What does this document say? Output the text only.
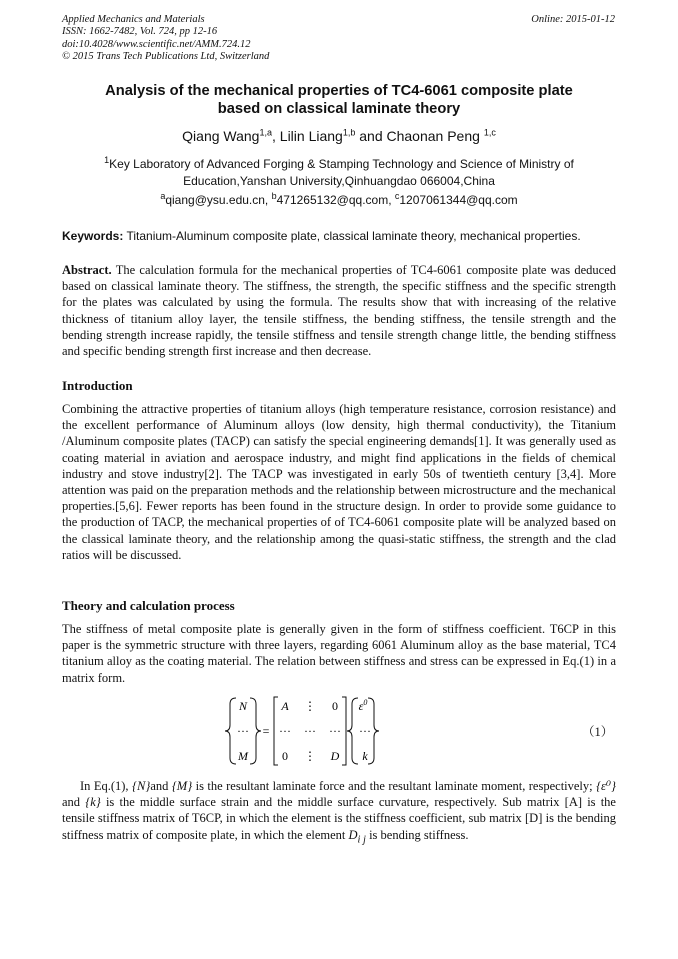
Applied Mechanics and Materials
ISSN: 1662-7482, Vol. 724, pp 12-16
doi:10.4028/www.scientific.net/AMM.724.12
© 2015 Trans Tech Publications Ltd, Switzerland
Online: 2015-01-12
Analysis of the mechanical properties of TC4-6061 composite plate
based on classical laminate theory
Qiang Wang$^{1,a}$, Lilin Liang$^{1,b}$ and Chaonan Peng $^{1,c}$
$^1$Key Laboratory of Advanced Forging & Stamping Technology and Science of Ministry of
Education,Yanshan University,Qinhuangdao 066004,China
$^a$qiang@ysu.edu.cn, $^b$471265132@qq.com, $^c$1207061344@qq.com
Keywords: Titanium-Aluminum composite plate, classical laminate theory, mechanical properties.
Abstract. The calculation formula for the mechanical properties of TC4-6061 composite plate was deduced based on classical laminate theory. The stiffness, the strength, the specific stiffness and the specific strength for the plates was calculated by using the formula. The results show that with increasing of the relative thickness of titanium alloy layer, the tensile stiffness, the bending stiffness, the tensile strength and the bending strength increase rapidly, the tensile stiffness and tensile strength change little, the bending stiffness and specific bending strength first increase and then decrease.
Introduction
Combining the attractive properties of titanium alloys (high temperature resistance, corrosion resistance) and the excellent performance of Aluminum alloys (low density, high thermal conductivity), the Titanium /Aluminum composite plates (TACP) can satisfy the special engineering demands[1]. It was generally used as coating material in aviation and aerospace industry, and might find applications in the fields of chemical industry and stove industry[2]. The TACP was investigated in early 50s of twentieth century [3,4]. More attention was paid on the preparation methods and the relationship between microstructure and the mechanical properties.[5,6]. Fewer reports has been found in the structure design. In order to provide some guidance to the production of TACP, the mechanical properties of of TC4-6061 composite plate will be analyzed based on the classical laminate theory, and the relationship among the quasi-static stiffness, the strength and the clad ratios will be discussed.
Theory and calculation process
The stiffness of metal composite plate is generally given in the form of stiffness coefficient. T6CP in this paper is the symmetric structure with three layers, regarding 6061 Aluminum alloy as the base material, TC4 titanium alloy as the coating material. The relation between stiffness and stress can be expressed in Eq.(1) in a matrix form.
N
···
M
=
A ⋮ 0
··· ··· ···
0 ⋮ D
$\varepsilon^0$
···
k
（1）
In Eq.(1), {N}and {M} is the resultant laminate force and the resultant laminate moment, respectively; {ε⁰} and {k} is the middle surface strain and the middle surface curvature, respectively. Sub matrix [A] is the tensile stiffness matrix of T6CP, in which the element is the stiffness coefficient, sub matrix [D] is the bending stiffness matrix of composite plate, in which the element $D_{i j}$ is bending stiffness.
